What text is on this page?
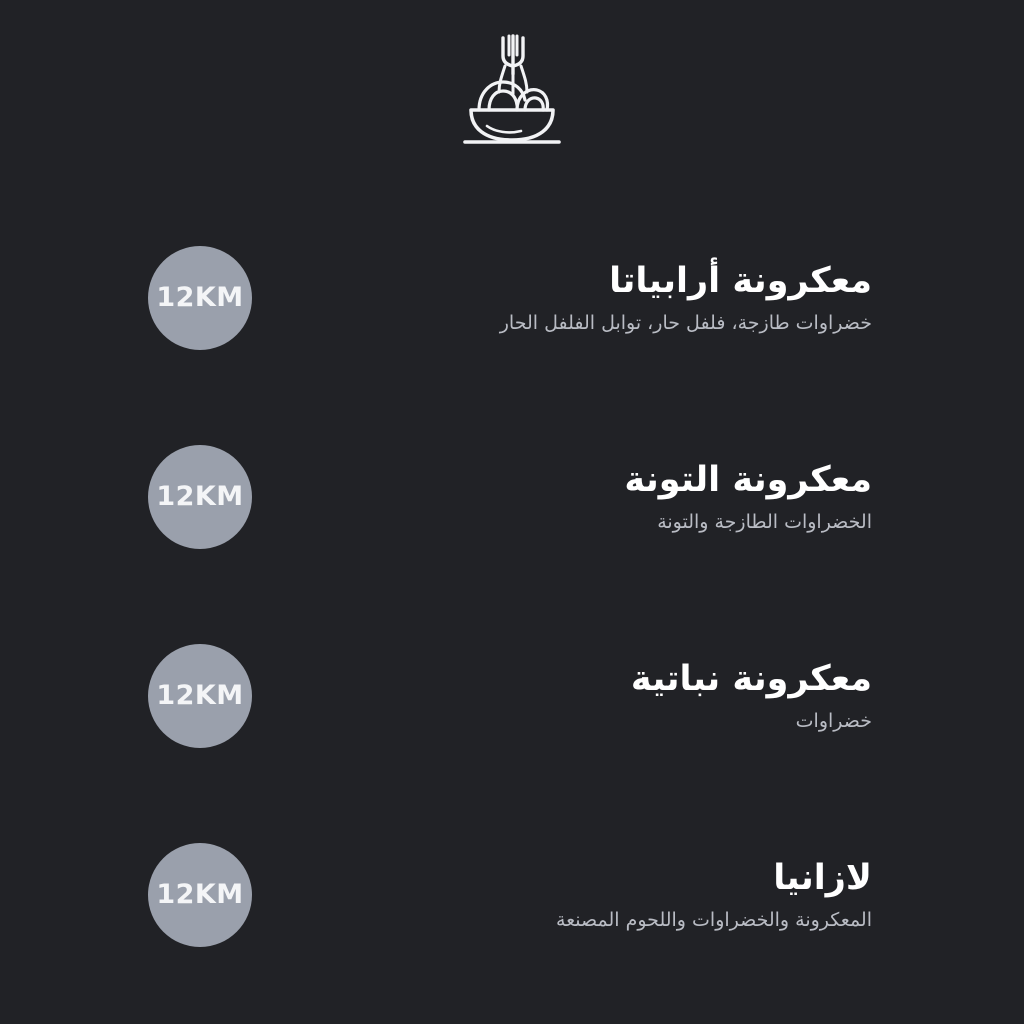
12KM	معكرونة أرابياتا

خضراوات طازجة، فلفل حار، توابل الفلفل الحار

12KM	معكرونة التونة

الخضراوات الطازجة والتونة

12KM	معكرونة نباتية

خضراوات

12KM	لازانيا

المعكرونة والخضراوات واللحوم المصنعة
